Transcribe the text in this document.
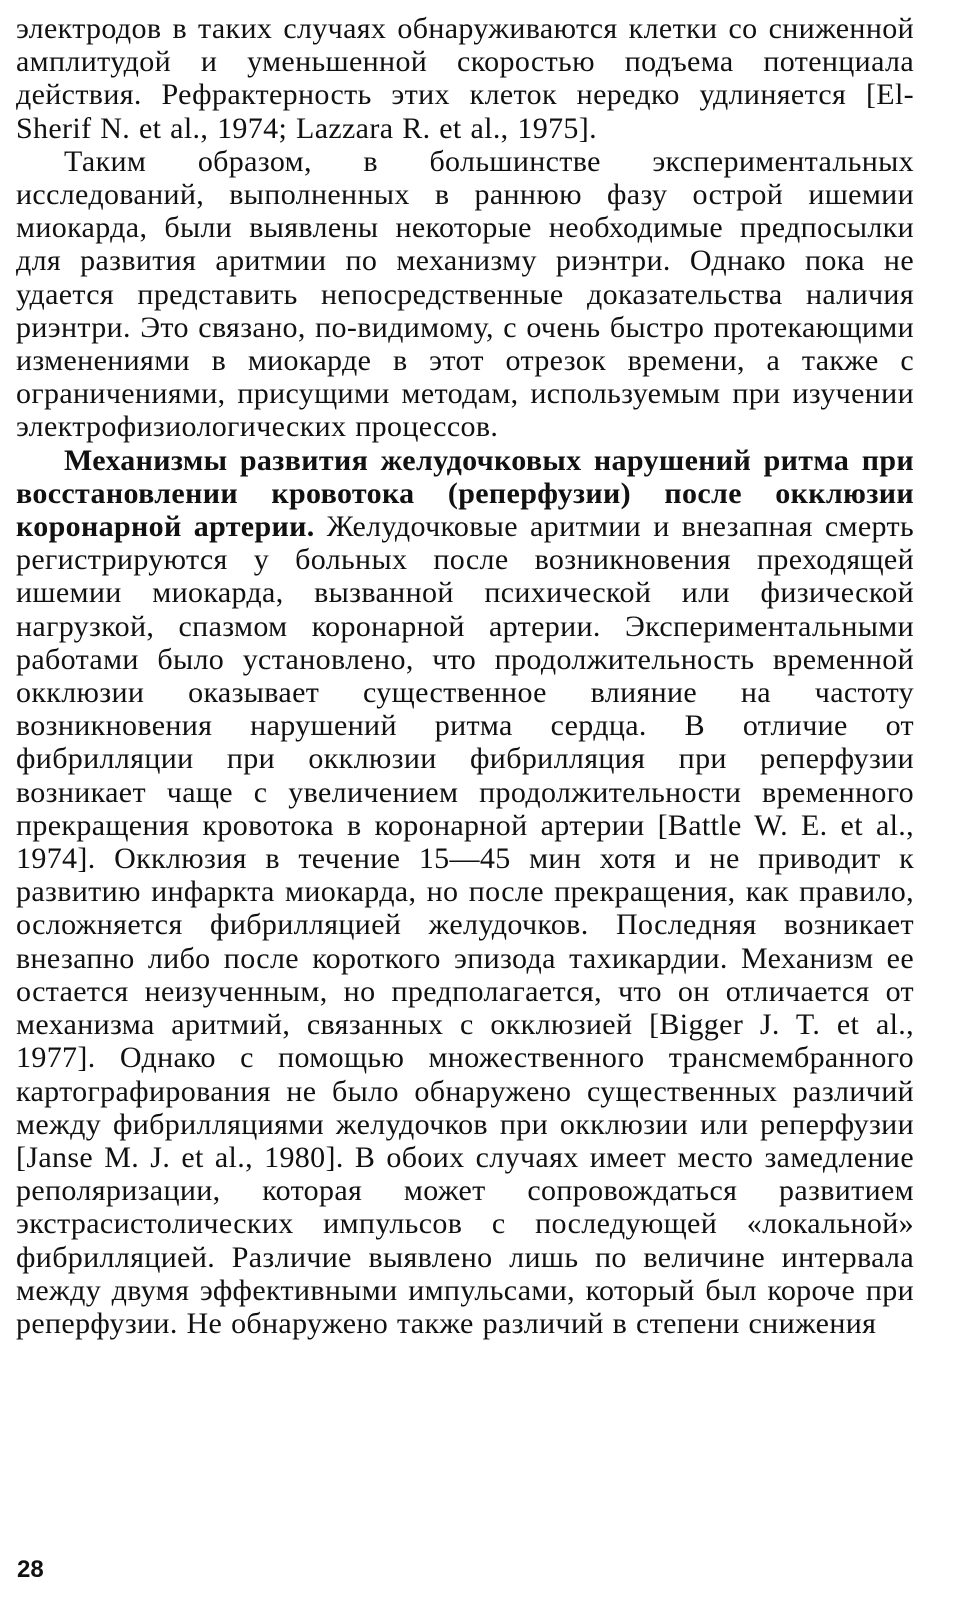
электродов в таких случаях обнаруживаются клетки со сниженной амплитудой и уменьшенной скоростью подъема потенциала действия. Рефрактерность этих клеток нередко удлиняется [El-Sherif N. et al., 1974; Lazzara R. et al., 1975].

Таким образом, в большинстве экспериментальных исследований, выполненных в раннюю фазу острой ишемии миокарда, были выявлены некоторые необходимые предпосылки для развития аритмии по механизму риэнтри. Однако пока не удается представить непосредственные доказательства наличия риэнтри. Это связано, по-видимому, с очень быстро протекающими изменениями в миокарде в этот отрезок времени, а также с ограничениями, присущими методам, используемым при изучении электрофизиологических процессов.

Механизмы развития желудочковых нарушений ритма при восстановлении кровотока (реперфузии) после окклюзии коронарной артерии. Желудочковые аритмии и внезапная смерть регистрируются у больных после возникновения преходящей ишемии миокарда, вызванной психической или физической нагрузкой, спазмом коронарной артерии. Экспериментальными работами было установлено, что продолжительность временной окклюзии оказывает существенное влияние на частоту возникновения нарушений ритма сердца. В отличие от фибрилляции при окклюзии фибрилляция при реперфузии возникает чаще с увеличением продолжительности временного прекращения кровотока в коронарной артерии [Battle W. E. et al., 1974]. Окклюзия в течение 15—45 мин хотя и не приводит к развитию инфаркта миокарда, но после прекращения, как правило, осложняется фибрилляцией желудочков. Последняя возникает внезапно либо после короткого эпизода тахикардии. Механизм ее остается неизученным, но предполагается, что он отличается от механизма аритмий, связанных с окклюзией [Bigger J. T. et al., 1977]. Однако с помощью множественного трансмембранного картографирования не было обнаружено существенных различий между фибрилляциями желудочков при окклюзии или реперфузии [Janse M. J. et al., 1980]. В обоих случаях имеет место замедление реполяризации, которая может сопровождаться развитием экстрасистолических импульсов с последующей «локальной» фибрилляцией. Различие выявлено лишь по величине интервала между двумя эффективными импульсами, который был короче при реперфузии. Не обнаружено также различий в степени снижения

28
